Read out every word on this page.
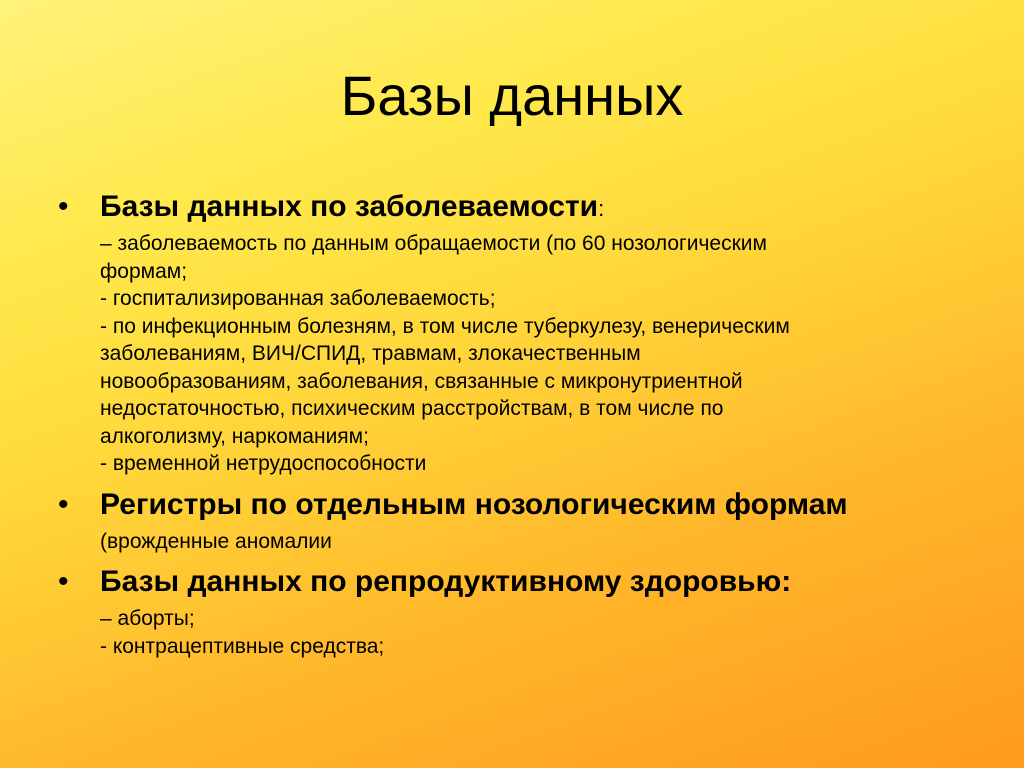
Базы данных
• Базы данных по заболеваемости:
– заболеваемость по данным обращаемости (по 60 нозологическим
формам;
- госпитализированная заболеваемость;
- по инфекционным болезням, в том числе туберкулезу, венерическим
заболеваниям, ВИЧ/СПИД, травмам, злокачественным
новообразованиям, заболевания, связанные с микронутриентной
недостаточностью, психическим расстройствам, в том числе по
алкоголизму, наркоманиям;
- временной нетрудоспособности
• Регистры по отдельным нозологическим формам
(врожденные аномалии
• Базы данных по репродуктивному здоровью:
– аборты;
- контрацептивные средства;
